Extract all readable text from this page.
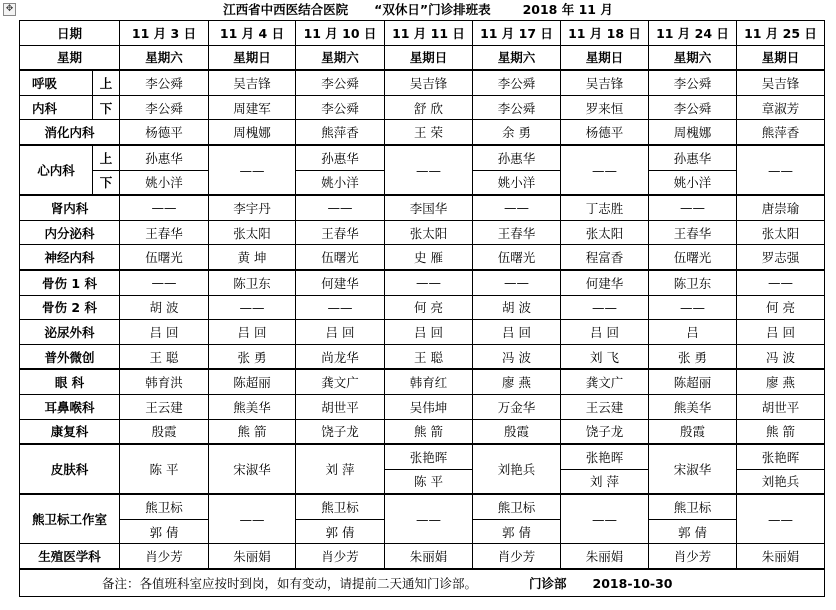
✥	江西省中西医结合医院 “双休日”门诊排班表	2018 年 11 月
日期		11 月 3 日	11 月 4 日	11 月 10 日	11 月 11 日	11 月 17 日	11 月 18 日	11 月 24 日	11 月 25 日
星期		星期六	星期日	星期六	星期日	星期六	星期日	星期六	星期日
呼吸	上	李公舜	吴吉锋	李公舜	吴吉锋	李公舜	吴吉锋	李公舜	吴吉锋
内科	下	李公舜	周建军	李公舜	舒 欣	李公舜	罗来恒	李公舜	章淑芳
消化内科		杨德平	周槐娜	熊萍香	王 荣	余 勇	杨德平	周槐娜	熊萍香
心内科	上	孙惠华	——	孙惠华	——	孙惠华	——	孙惠华	——
	下	姚小洋		姚小洋		姚小洋		姚小洋	
肾内科		——	李宇丹	——	李国华	——	丁志胜	——	唐崇瑜
内分泌科		王春华	张太阳	王春华	张太阳	王春华	张太阳	王春华	张太阳
神经内科		伍曙光	黄 坤	伍曙光	史 雁	伍曙光	程富香	伍曙光	罗志强
骨伤 1 科		——	陈卫东	何建华	——	——	何建华	陈卫东	——
骨伤 2 科		胡 波	——	——	何 亮	胡 波	——	——	何 亮
泌尿外科		吕 回	吕 回	吕 回	吕 回	吕 回	吕 回	吕	吕 回
普外微创		王 聪	张 勇	尚龙华	王 聪	冯 波	刘 飞	张 勇	冯 波
眼 科		韩育洪	陈超丽	龚文广	韩育红	廖 燕	龚文广	陈超丽	廖 燕
耳鼻喉科		王云建	熊美华	胡世平	吴伟坤	万金华	王云建	熊美华	胡世平
康复科		殷霞	熊 箭	饶子龙	熊 箭	殷霞	饶子龙	殷霞	熊 箭
皮肤科		陈 平	宋淑华	刘 萍	张艳晖	刘艳兵	张艳晖	宋淑华	张艳晖
					陈 平		刘 萍		刘艳兵
熊卫标工作室		熊卫标	——	熊卫标	——	熊卫标	——	熊卫标	——
		郭 倩		郭 倩		郭 倩		郭 倩	
生殖医学科		肖少芳	朱丽娟	肖少芳	朱丽娟	肖少芳	朱丽娟	肖少芳	朱丽娟
备注：各值班科室应按时到岗，如有变动，请提前二天通知门诊部。 门诊部 2018-10-30									
